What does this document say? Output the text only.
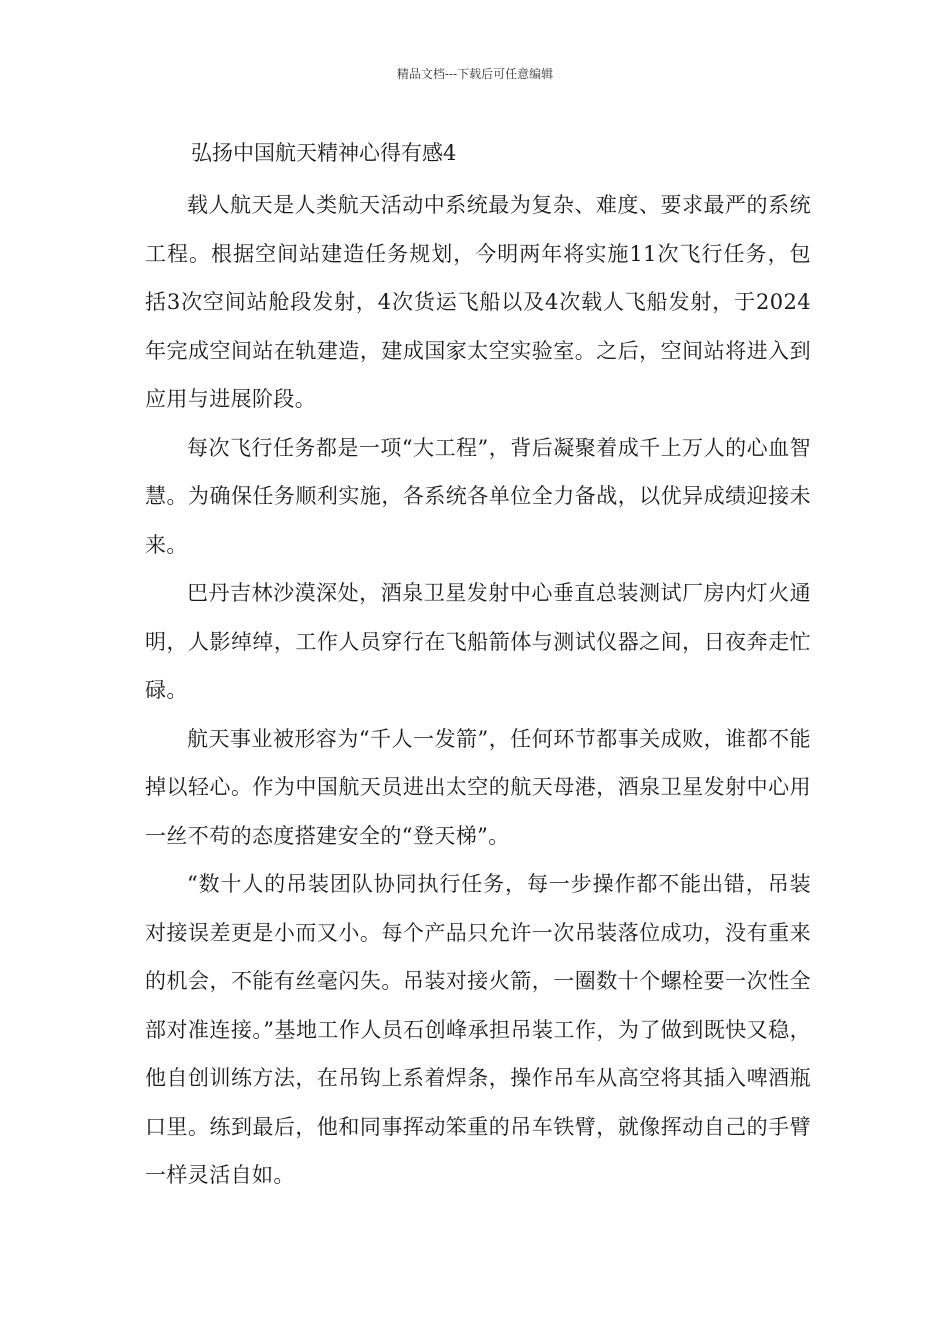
精品文档---下载后可任意编辑
弘扬中国航天精神心得有感4

载人航天是人类航天活动中系统最为复杂、难度、要求最严的系统工程。根据空间站建造任务规划，今明两年将实施11次飞行任务，包括3次空间站舱段发射，4次货运飞船以及4次载人飞船发射，于2024年完成空间站在轨建造，建成国家太空实验室。之后，空间站将进入到应用与进展阶段。

每次飞行任务都是一项“大工程”，背后凝聚着成千上万人的心血智慧。为确保任务顺利实施，各系统各单位全力备战，以优异成绩迎接未来。

巴丹吉林沙漠深处，酒泉卫星发射中心垂直总装测试厂房内灯火通明，人影绰绰，工作人员穿行在飞船箭体与测试仪器之间，日夜奔走忙碌。

航天事业被形容为“千人一发箭”，任何环节都事关成败，谁都不能掉以轻心。作为中国航天员进出太空的航天母港，酒泉卫星发射中心用一丝不苟的态度搭建安全的“登天梯”。

“数十人的吊装团队协同执行任务，每一步操作都不能出错，吊装对接误差更是小而又小。每个产品只允许一次吊装落位成功，没有重来的机会，不能有丝毫闪失。吊装对接火箭，一圈数十个螺栓要一次性全部对准连接。”基地工作人员石创峰承担吊装工作，为了做到既快又稳，他自创训练方法，在吊钩上系着焊条，操作吊车从高空将其插入啤酒瓶口里。练到最后，他和同事挥动笨重的吊车铁臂，就像挥动自己的手臂一样灵活自如。
